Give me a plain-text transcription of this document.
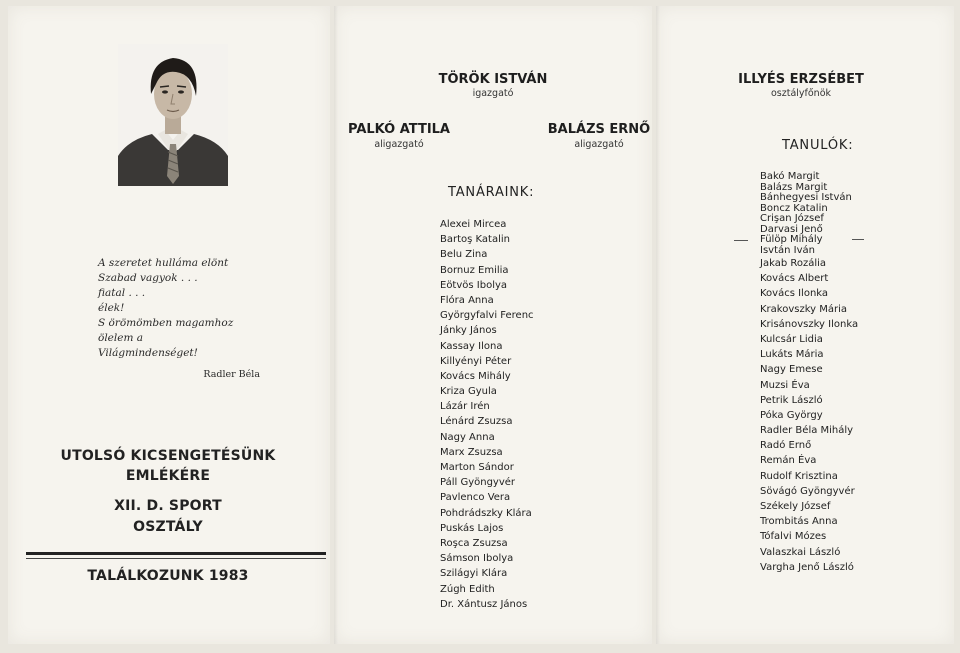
A szeretet hulláma elönt
Szabad vagyok . . .
fiatal . . .
élek!
S örömömben magamhoz
ölelem a
Világmindenséget!
Radler Béla
UTOLSÓ KICSENGETÉSÜNK
EMLÉKÉRE
XII. D. SPORT
OSZTÁLY
TALÁLKOZUNK 1983
TÖRÖK ISTVÁN
igazgató
PALKÓ ATTILA
aligazgató
BALÁZS ERNŐ
aligazgató
TANÁRAINK:
Alexei Mircea
Bartoş Katalin
Belu Zina
Bornuz Emilia
Eötvös Ibolya
Flóra Anna
Györgyfalvi Ferenc
Jánky János
Kassay Ilona
Killyényi Péter
Kovács Mihály
Kriza Gyula
Lázár Irén
Lénárd Zsuzsa
Nagy Anna
Marx Zsuzsa
Marton Sándor
Páll Gyöngyvér
Pavlenco Vera
Pohdrádszky Klára
Puskás Lajos
Roşca Zsuzsa
Sámson Ibolya
Szilágyi Klára
Zúgh Edith
Dr. Xántusz János
ILLYÉS ERZSÉBET
osztályfőnök
TANULÓK:
Bakó Margit
Balázs Margit
Bánhegyesi István
Boncz Katalin
Crişan József
Darvasi Jenő
Fülöp Mihály
Isvtán Iván
Jakab Rozália
Kovács Albert
Kovács Ilonka
Krakovszky Mária
Krisánovszky Ilonka
Kulcsár Lidia
Lukáts Mária
Nagy Emese
Muzsi Éva
Petrik László
Póka György
Radler Béla Mihály
Radó Ernő
Remán Éva
Rudolf Krisztina
Sövágó Gyöngyvér
Székely József
Trombitás Anna
Tófalvi Mózes
Valaszkai László
Vargha Jenő László
